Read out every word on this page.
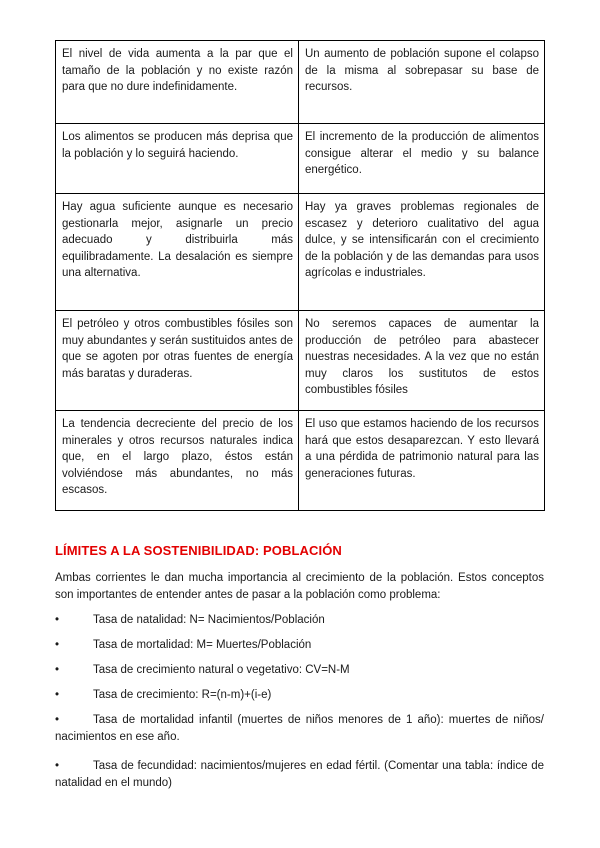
El nivel de vida aumenta a la par que el tamaño de la población y no existe razón para que no dure indefinidamente.	Un aumento de población supone el colapso de la misma al sobrepasar su base de recursos.

Los alimentos se producen más deprisa que la población y lo seguirá haciendo.	El incremento de la producción de alimentos consigue alterar el medio y su balance energético.

Hay agua suficiente aunque es necesario gestionarla mejor, asignarle un precio adecuado y distribuirla más equilibradamente. La desalación es siempre una alternativa.	Hay ya graves problemas regionales de escasez y deterioro cualitativo del agua dulce, y se intensificarán con el crecimiento de la población y de las demandas para usos agrícolas e industriales.

El petróleo y otros combustibles fósiles son muy abundantes y serán sustituidos antes de que se agoten por otras fuentes de energía más baratas y duraderas.	No seremos capaces de aumentar la producción de petróleo para abastecer nuestras necesidades. A la vez que no están muy claros los sustitutos de estos combustibles fósiles

La tendencia decreciente del precio de los minerales y otros recursos naturales indica que, en el largo plazo, éstos están volviéndose más abundantes, no más escasos.	El uso que estamos haciendo de los recursos hará que estos desaparezcan. Y esto llevará a una pérdida de patrimonio natural para las generaciones futuras.
LÍMITES A LA SOSTENIBILIDAD: POBLACIÓN
Ambas corrientes le dan mucha importancia al crecimiento de la población. Estos conceptos son importantes de entender antes de pasar a la población como problema:
•	Tasa de natalidad: N= Nacimientos/Población
•	Tasa de mortalidad: M= Muertes/Población
•	Tasa de crecimiento natural o vegetativo: CV=N-M
•	Tasa de crecimiento: R=(n-m)+(i-e)
•	Tasa de mortalidad infantil (muertes de niños menores de 1 año): muertes de niños/ nacimientos en ese año.
•	Tasa de fecundidad: nacimientos/mujeres en edad fértil. (Comentar una tabla: índice de natalidad en el mundo)
